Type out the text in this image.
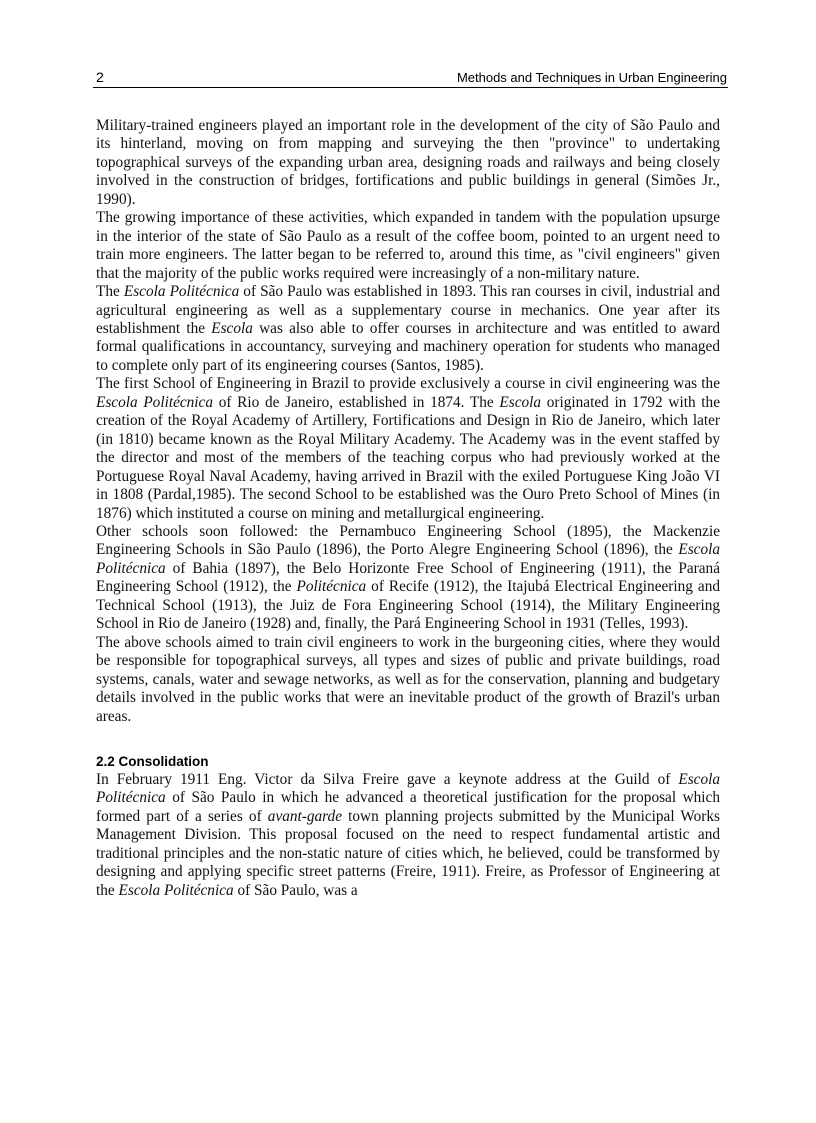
2	Methods and Techniques in Urban Engineering

Military-trained engineers played an important role in the development of the city of São Paulo and its hinterland, moving on from mapping and surveying the then "province" to undertaking topographical surveys of the expanding urban area, designing roads and railways and being closely involved in the construction of bridges, fortifications and public buildings in general (Simões Jr., 1990).

The growing importance of these activities, which expanded in tandem with the population upsurge in the interior of the state of São Paulo as a result of the coffee boom, pointed to an urgent need to train more engineers. The latter began to be referred to, around this time, as "civil engineers" given that the majority of the public works required were increasingly of a non-military nature.

The Escola Politécnica of São Paulo was established in 1893. This ran courses in civil, industrial and agricultural engineering as well as a supplementary course in mechanics. One year after its establishment the Escola was also able to offer courses in architecture and was entitled to award formal qualifications in accountancy, surveying and machinery operation for students who managed to complete only part of its engineering courses (Santos, 1985).

The first School of Engineering in Brazil to provide exclusively a course in civil engineering was the Escola Politécnica of Rio de Janeiro, established in 1874. The Escola originated in 1792 with the creation of the Royal Academy of Artillery, Fortifications and Design in Rio de Janeiro, which later (in 1810) became known as the Royal Military Academy. The Academy was in the event staffed by the director and most of the members of the teaching corpus who had previously worked at the Portuguese Royal Naval Academy, having arrived in Brazil with the exiled Portuguese King João VI in 1808 (Pardal,1985). The second School to be established was the Ouro Preto School of Mines (in 1876) which instituted a course on mining and metallurgical engineering.

Other schools soon followed: the Pernambuco Engineering School (1895), the Mackenzie Engineering Schools in São Paulo (1896), the Porto Alegre Engineering School (1896), the Escola Politécnica of Bahia (1897), the Belo Horizonte Free School of Engineering (1911), the Paraná Engineering School (1912), the Politécnica of Recife (1912), the Itajubá Electrical Engineering and Technical School (1913), the Juiz de Fora Engineering School (1914), the Military Engineering School in Rio de Janeiro (1928) and, finally, the Pará Engineering School in 1931 (Telles, 1993).

The above schools aimed to train civil engineers to work in the burgeoning cities, where they would be responsible for topographical surveys, all types and sizes of public and private buildings, road systems, canals, water and sewage networks, as well as for the conservation, planning and budgetary details involved in the public works that were an inevitable product of the growth of Brazil's urban areas.

2.2 Consolidation

In February 1911 Eng. Victor da Silva Freire gave a keynote address at the Guild of Escola Politécnica of São Paulo in which he advanced a theoretical justification for the proposal which formed part of a series of avant-garde town planning projects submitted by the Municipal Works Management Division. This proposal focused on the need to respect fundamental artistic and traditional principles and the non-static nature of cities which, he believed, could be transformed by designing and applying specific street patterns (Freire, 1911). Freire, as Professor of Engineering at the Escola Politécnica of São Paulo, was a
